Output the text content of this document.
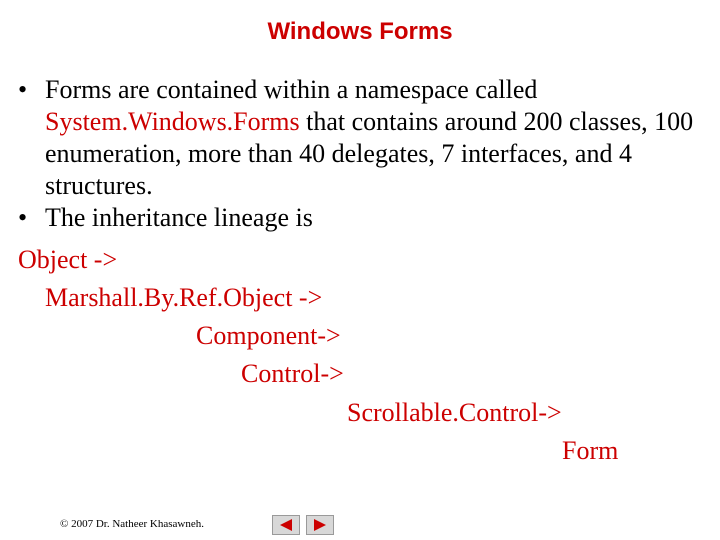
Windows Forms
• Forms are contained within a namespace called System.Windows.Forms that contains around 200 classes, 100 enumeration, more than 40 delegates, 7 interfaces, and 4 structures.
• The inheritance lineage is
Object ->
Marshall.By.Ref.Object ->
Component->
Control->
Scrollable.Control->
Form
© 2007 Dr. Natheer Khasawneh.
